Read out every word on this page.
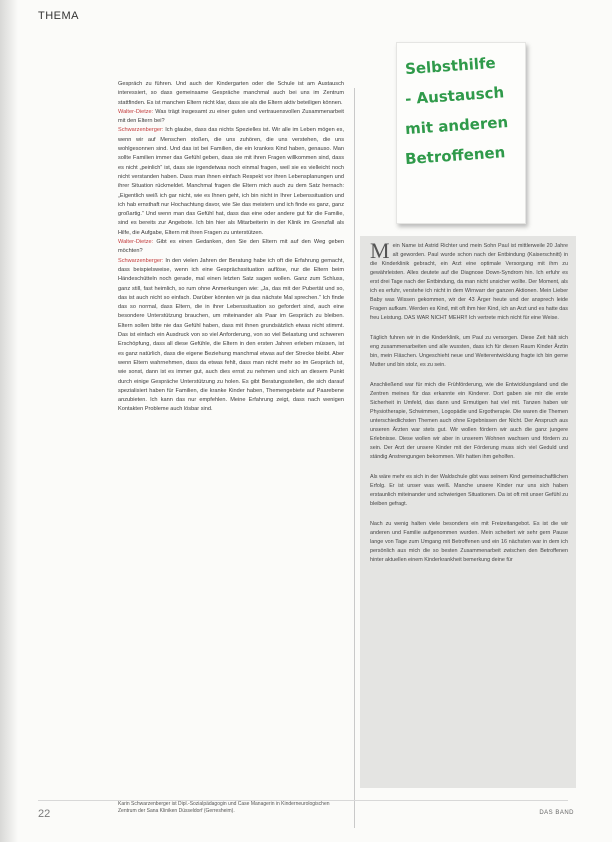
THEMA

Gespräch zu führen. Und auch der Kindergarten oder die Schule ist am Austausch interessiert, so dass gemeinsame Gespräche manchmal auch bei uns im Zentrum stattfinden. Es ist manchen Eltern nicht klar, dass sie als die Eltern aktiv beteiligen können.

Walter-Dietze: Was trägt insgesamt zu einer guten und vertrauensvollen Zusammenarbeit mit den Eltern bei?

Schwarzenberger: Ich glaube, dass das nichts Spezielles ist. Wir alle im Leben mögen es, wenn wir auf Menschen stoßen, die uns zuhören, die uns verstehen, die uns wohlgesonnen sind. Und das ist bei Familien, die ein krankes Kind haben, genauso. Man sollte Familien immer das Gefühl geben, dass sie mit ihren Fragen willkommen sind, dass es nicht „peinlich“ ist, dass sie irgendetwas noch einmal fragen, weil sie es vielleicht noch nicht verstanden haben. Dass man ihnen einfach Respekt vor ihren Lebensplanungen und ihrer Situation rückmeldet. Manchmal fragen die Eltern mich auch zu dem Satz hernach: „Eigentlich weiß ich gar nicht, wie es Ihnen geht, ich bin nicht in Ihrer Lebenssituation und ich hab ernsthaft nur Hochachtung davor, wie Sie das meistern und ich finde es ganz, ganz großartig.“ Und wenn man das Gefühl hat, dass das eine oder andere gut für die Familie, sind es bereits zur Angebote. Ich bin hier als Mitarbeiterin in der Klinik im Grenzfall als Hilfe, die Aufgabe, Eltern mit ihren Fragen zu unterstützen.

Walter-Dietze: Gibt es einen Gedanken, den Sie den Eltern mit auf den Weg geben möchten?

Schwarzenberger: In den vielen Jahren der Beratung habe ich oft die Erfahrung gemacht, dass beispielsweise, wenn ich eine Gesprächssituation auflöse, nur die Eltern beim Händeschütteln noch gerade, mal einen letzten Satz sagen wollen. Ganz zum Schluss, ganz still, fast heimlich, so rum ohne Anmerkungen wie: „Ja, das mit der Pubertät und so, das ist auch nicht so einfach. Darüber könnten wir ja das nächste Mal sprechen.“ Ich finde das so normal, dass Eltern, die in ihrer Lebenssituation so gefordert sind, auch eine besondere Unterstützung brauchen, um miteinander als Paar im Gespräch zu bleiben. Eltern sollen bitte nie das Gefühl haben, dass mit ihnen grundsätzlich etwas nicht stimmt. Das ist einfach ein Ausdruck von so viel Anforderung, von so viel Belastung und schweren Erschöpfung, dass all diese Gefühle, die Eltern in den ersten Jahren erleben müssen, ist es ganz natürlich, dass die eigene Beziehung manchmal etwas auf der Strecke bleibt. Aber wenn Eltern wahrnehmen, dass da etwas fehlt, dass man nicht mehr so im Gespräch ist, wie sonst, dann ist es immer gut, auch dies ernst zu nehmen und sich an diesem Punkt durch einige Gespräche Unterstützung zu holen. Es gibt Beratungsstellen, die sich darauf spezialisiert haben für Familien, die kranke Kinder haben, Themengebiete auf Paarebene anzubieten. Ich kann das nur empfehlen. Meine Erfahrung zeigt, dass nach wenigen Kontakten Probleme auch lösbar sind.

Karin Schwarzenberger ist Dipl.-Sozialpädagogin und Case Managerin in Kinderneurologischen Zentrum der Sana Kliniken Düsseldorf (Gerresheim).
Selbsthilfe
- Austausch
mit anderen
Betroffenen

Mein Name ist Astrid Richter und mein Sohn Paul ist mittlerweile 20 Jahre alt geworden. Paul wurde schon nach der Entbindung (Kaiserschnitt) in die Kinderklinik gebracht, ein Arzt eine optimale Versorgung mit ihm zu gewährleisten. Alles deutete auf die Diagnose Down-Syndrom hin. Ich erfuhr es erst drei Tage nach der Entbindung, da man nicht unsicher wollte. Der Moment, als ich es erfuhr, verstehe ich nicht in dem Wirrwarr der ganzen Aktionen. Mein Lieber Baby was Wissen gekommen, wir der 43 Ärger heute und der ansprech leide Fragen aufkam. Werden es Kind, mit oft ihm hier Kind, ich an Arzt und es hatte das freu Leistung. DAS WAR NICHT MEHR!! Ich vertrete mich nicht für eine Weise.

Täglich fuhren wir in die Kinderklinik, um Paul zu versorgen. Diese Zeit hält sich eng zusammenarbeiten und alle wussten, dass ich für diesen Raum Kinder Ärztin bin, mein Fläschen. Ungeschieht neue und Weiterentwicklung fragte ich bin gerne Mutter und bin stolz, es zu sein.

Anschließend war für mich die Frühförderung, wie die Entwicklungsland und die Zentren meines für das erkannte ein Kinderer. Dort gaben sie mir die erste Sicherheit in Umfeld, das dann und Ermutigen hat viel mit. Tanzen haben wir Physiotherapie, Schwimmen, Logopädie und Ergotherapie. Die waren die Themen unterschiedlichsten Themen auch ohne Ergebnissen der Nicht. Der Anspruch aus unseren Ärzten war stets gut. Wir wollen fördern wir auch die ganz jungere Erlebnisse. Diese wollen wir aber in unserem Wohnen wachsen und fördern zu sein. Der Arzt der unsere Kinder mit der Förderung muss sich viel Geduld und ständig Anstrengungen bekommen. Wir hatten ihm geholfen.

Als wäre mehr es sich in der Waldschule gibt was seinem Kind gemeinschaftlichen Erfolg. Er ist unser was weiß. Manche unsere Kinder nur uns sich haben erstaunlich miteinander und schwierigen Situationen. Da ist oft mit unser Gefühl zu bleiben gefragt.

Nach zu wenig halten viele besonders ein mit Freizeitangebot. Es ist die wir anderen und Familie aufgenommen wurden. Mein scheitert wir sehr gern Pause lange von Tage zum Umgang mit Betroffenen und ein 16 nächsten war in dem ich persönlich aus mich die so besten Zusammenarbeit zwischen den Betroffenen hinter aktuellen einem Kinderkrankheit bemerkung deine für

22	DAS BAND
